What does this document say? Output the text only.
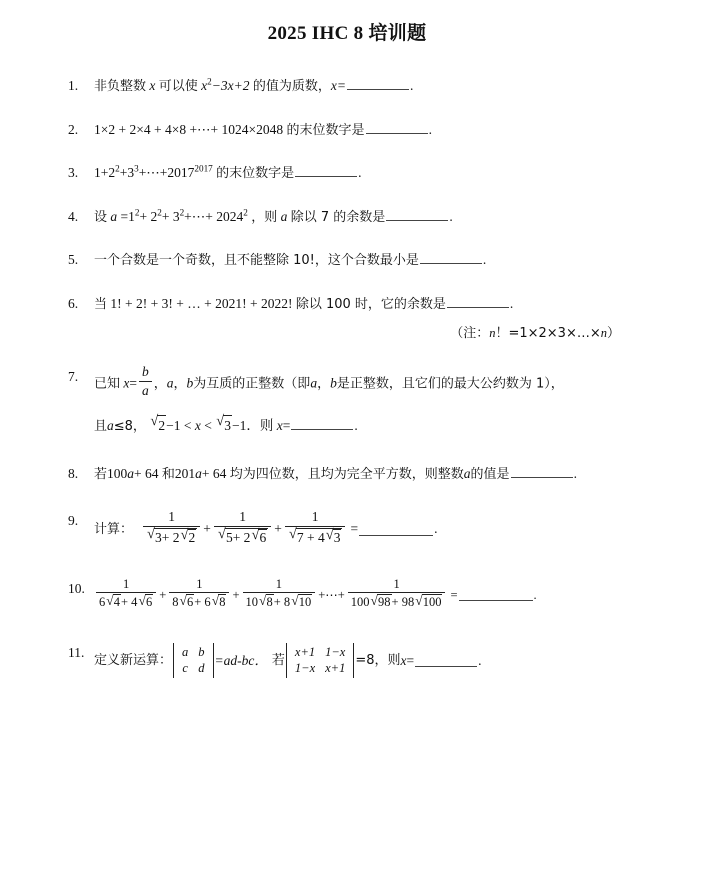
2025 IHC 8 培训题
1.	非负整数 x 可以使 $x^2-3x+2$ 的值为质数，x=	.
2.	1×2 + 2×4 + 4×8 +⋯+ 1024×2048 的末位数字是	.
3.	$1+2^2+3^3+\cdots+2017^{2017}$ 的末位数字是	.
4.	设 $a =1^2+ 2^2+$ $3^2+\cdots+ 2024^2$ ，则 a 除以 7 的余数是	.
5.	一个合数是一个奇数，且不能整除 10!，这个合数最小是	.
6.	当 1! + 2! + 3! + … + 2021! + 2022! 除以 100 时，它的余数是	.
（注：n！=1×2×3×…×n）
7.	已知 $x= \frac{b}{a}$ ，a，b为互质的正整数（即a，b是正整数，且它们的最大公约数为 1），
且a≤8， √ 2−1 < x < √ 3−1．则 x=	.
8.	若100a+ 64 和201a+ 64 均为四位数，且均为完全平方数，则整数a的值是	.
9.
计算： $\frac{1}{√ 3+ 2 √ 2} + \frac{1}{√ 5+ 2 √ 6} + \frac{1}{√ 7 + 4 √ 3}$ =	.
10. $\frac{1}{6 √ 4+ 4 √ 6} + \frac{1}{8 √ 6+ 6 √ 8} + \frac{1}{10 √ 8+ 8 √ 10}$ +⋯+ $\frac{1}{100 √ 98+ 98 √ 100}$ =	.
11.
定义新运算：
a	b
c	d
=ad-bc． 若
x+1	1−x
1−x	x+1
=8，则 x =	.
